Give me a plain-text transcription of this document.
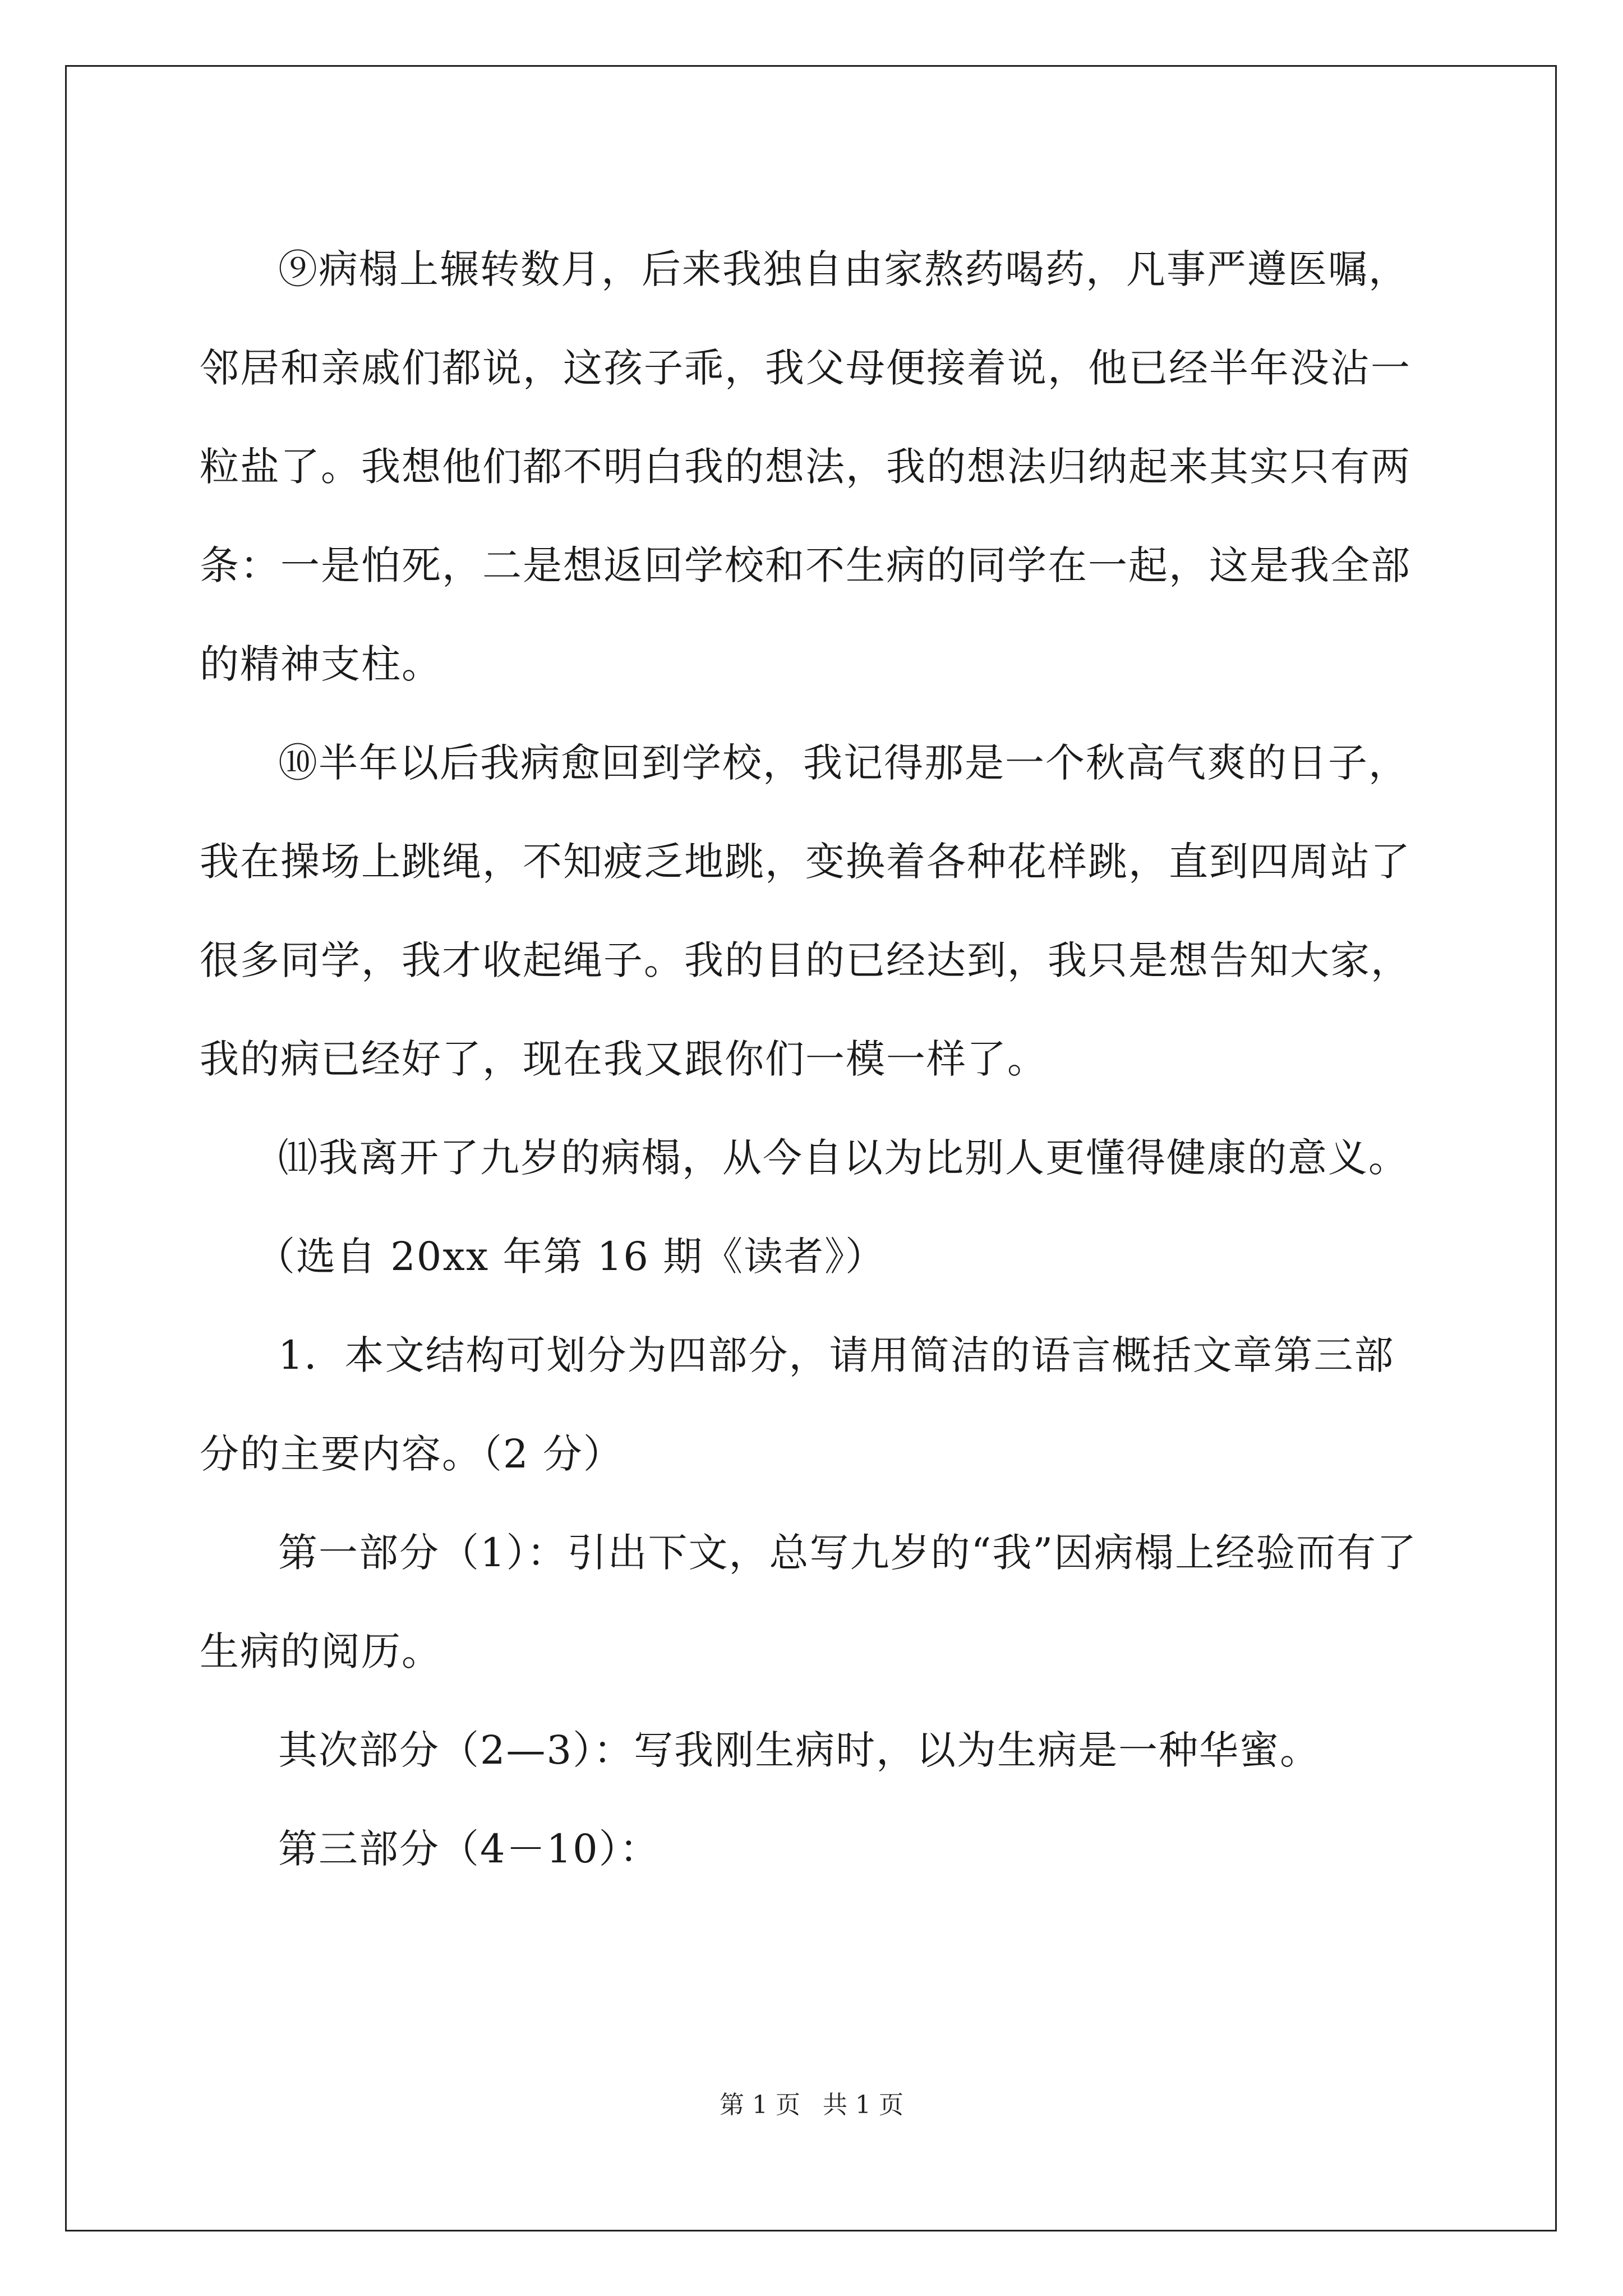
⑨病榻上辗转数月，后来我独自由家熬药喝药，凡事严遵医嘱，邻居和亲戚们都说，这孩子乖，我父母便接着说，他已经半年没沾一粒盐了。我想他们都不明白我的想法，我的想法归纳起来其实只有两条：一是怕死，二是想返回学校和不生病的同学在一起，这是我全部的精神支柱。

⑩半年以后我病愈回到学校，我记得那是一个秋高气爽的日子，我在操场上跳绳，不知疲乏地跳，变换着各种花样跳，直到四周站了很多同学，我才收起绳子。我的目的已经达到，我只是想告知大家，我的病已经好了，现在我又跟你们一模一样了。

⑾我离开了九岁的病榻，从今自以为比别人更懂得健康的意义。

（选自 20xx 年第 16 期《读者》）

1．本文结构可划分为四部分，请用简洁的语言概括文章第三部分的主要内容。（2 分）

第一部分（1）：引出下文，总写九岁的“我”因病榻上经验而有了生病的阅历。

其次部分（2—3）：写我刚生病时，以为生病是一种华蜜。

第三部分（4－10）：

第 1 页 共 1 页
